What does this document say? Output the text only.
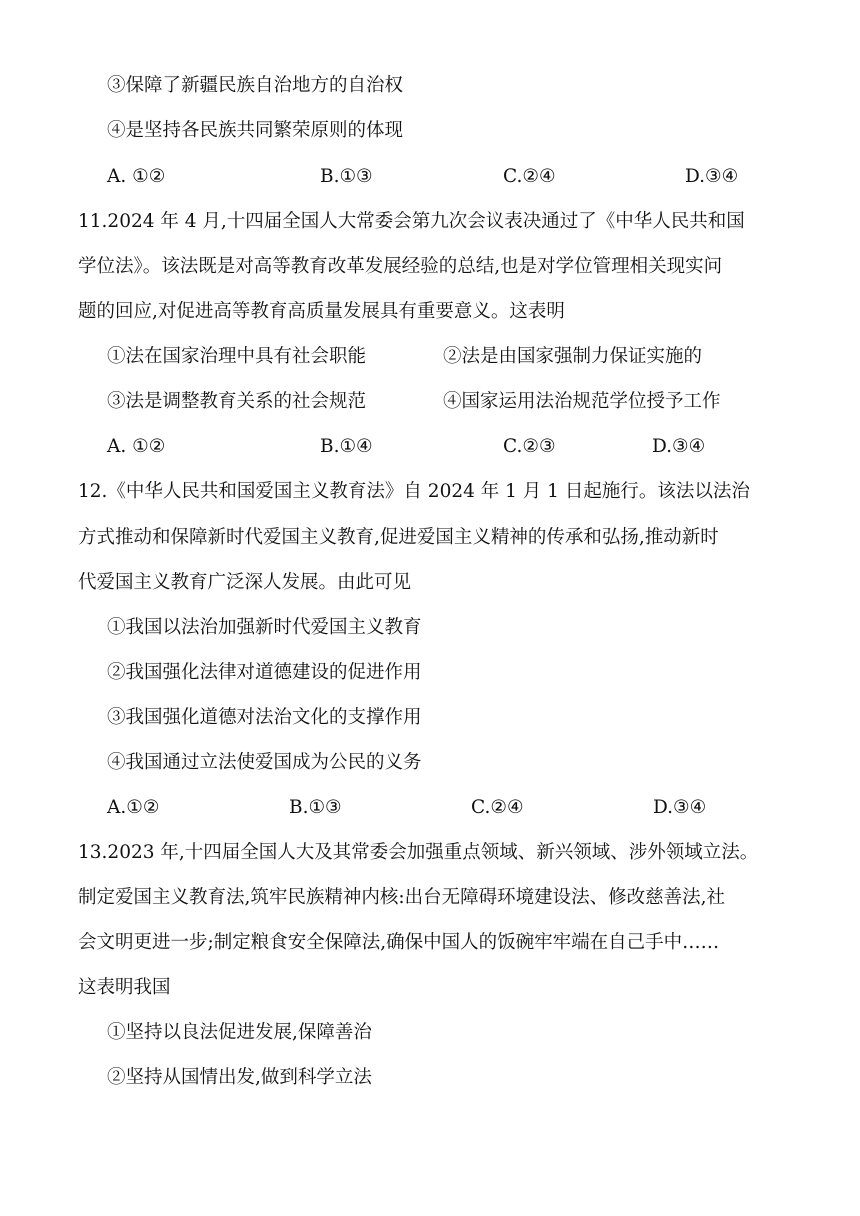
③保障了新疆民族自治地方的自治权
④是坚持各民族共同繁荣原则的体现
A. ①②	B.①③	C.②④	D.③④
11.2024 年 4 月,十四届全国人大常委会第九次会议表决通过了《中华人民共和国
学位法》。该法既是对高等教育改革发展经验的总结,也是对学位管理相关现实问
题的回应,对促进高等教育高质量发展具有重要意义。这表明
①法在国家治理中具有社会职能	②法是由国家强制力保证实施的
③法是调整教育关系的社会规范	④国家运用法治规范学位授予工作
A. ①②	B.①④	C.②③	D.③④
12.《中华人民共和国爱国主义教育法》自 2024 年 1 月 1 日起施行。该法以法治
方式推动和保障新时代爱国主义教育,促进爱国主义精神的传承和弘扬,推动新时
代爱国主义教育广泛深人发展。由此可见
①我国以法治加强新时代爱国主义教育
②我国强化法律对道德建设的促进作用
③我国强化道德对法治文化的支撑作用
④我国通过立法使爱国成为公民的义务
A.①②	B.①③	C.②④	D.③④
13.2023 年,十四届全国人大及其常委会加强重点领域、新兴领域、涉外领域立法。
制定爱国主义教育法,筑牢民族精神内核:出台无障碍环境建设法、修改慈善法,社
会文明更进一步;制定粮食安全保障法,确保中国人的饭碗牢牢端在自己手中……
这表明我国
①坚持以良法促进发展,保障善治
②坚持从国情出发,做到科学立法
